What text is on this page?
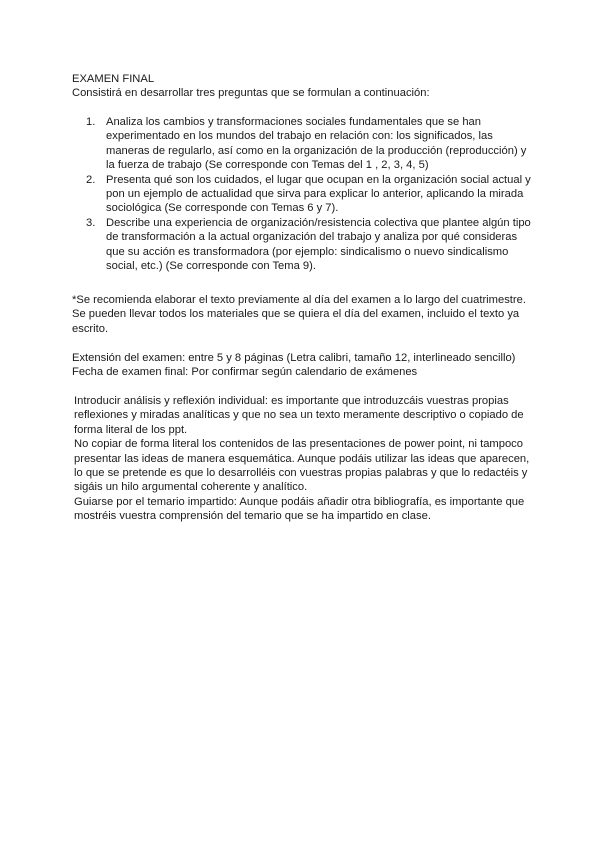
EXAMEN FINAL

Consistirá en desarrollar tres preguntas que se formulan a continuación:

1. Analiza los cambios y transformaciones sociales fundamentales que se han experimentado en los mundos del trabajo en relación con: los significados, las maneras de regularlo, así como en la organización de la producción (reproducción) y la fuerza de trabajo (Se corresponde con Temas del 1 , 2, 3, 4, 5)
2. Presenta qué son los cuidados, el lugar que ocupan en la organización social actual y pon un ejemplo de actualidad que sirva para explicar lo anterior, aplicando la mirada sociológica (Se corresponde con Temas 6 y 7).
3. Describe una experiencia de organización/resistencia colectiva que plantee algún tipo de transformación a la actual organización del trabajo y analiza por qué consideras que su acción es transformadora (por ejemplo: sindicalismo o nuevo sindicalismo social, etc.) (Se corresponde con Tema 9).

*Se recomienda elaborar el texto previamente al día del examen a lo largo del cuatrimestre. Se pueden llevar todos los materiales que se quiera el día del examen, incluido el texto ya escrito.

Extensión del examen: entre 5 y 8 páginas (Letra calibri, tamaño 12, interlineado sencillo)

Fecha de examen final: Por confirmar según calendario de exámenes

Introducir análisis y reflexión individual: es importante que introduzcáis vuestras propias reflexiones y miradas analíticas y que no sea un texto meramente descriptivo o copiado de forma literal de los ppt.

No copiar de forma literal los contenidos de las presentaciones de power point, ni tampoco presentar las ideas de manera esquemática. Aunque podáis utilizar las ideas que aparecen, lo que se pretende es que lo desarrolléis con vuestras propias palabras y que lo redactéis y sigáis un hilo argumental coherente y analítico.

Guiarse por el temario impartido: Aunque podáis añadir otra bibliografía, es importante que mostréis vuestra comprensión del temario que se ha impartido en clase.
